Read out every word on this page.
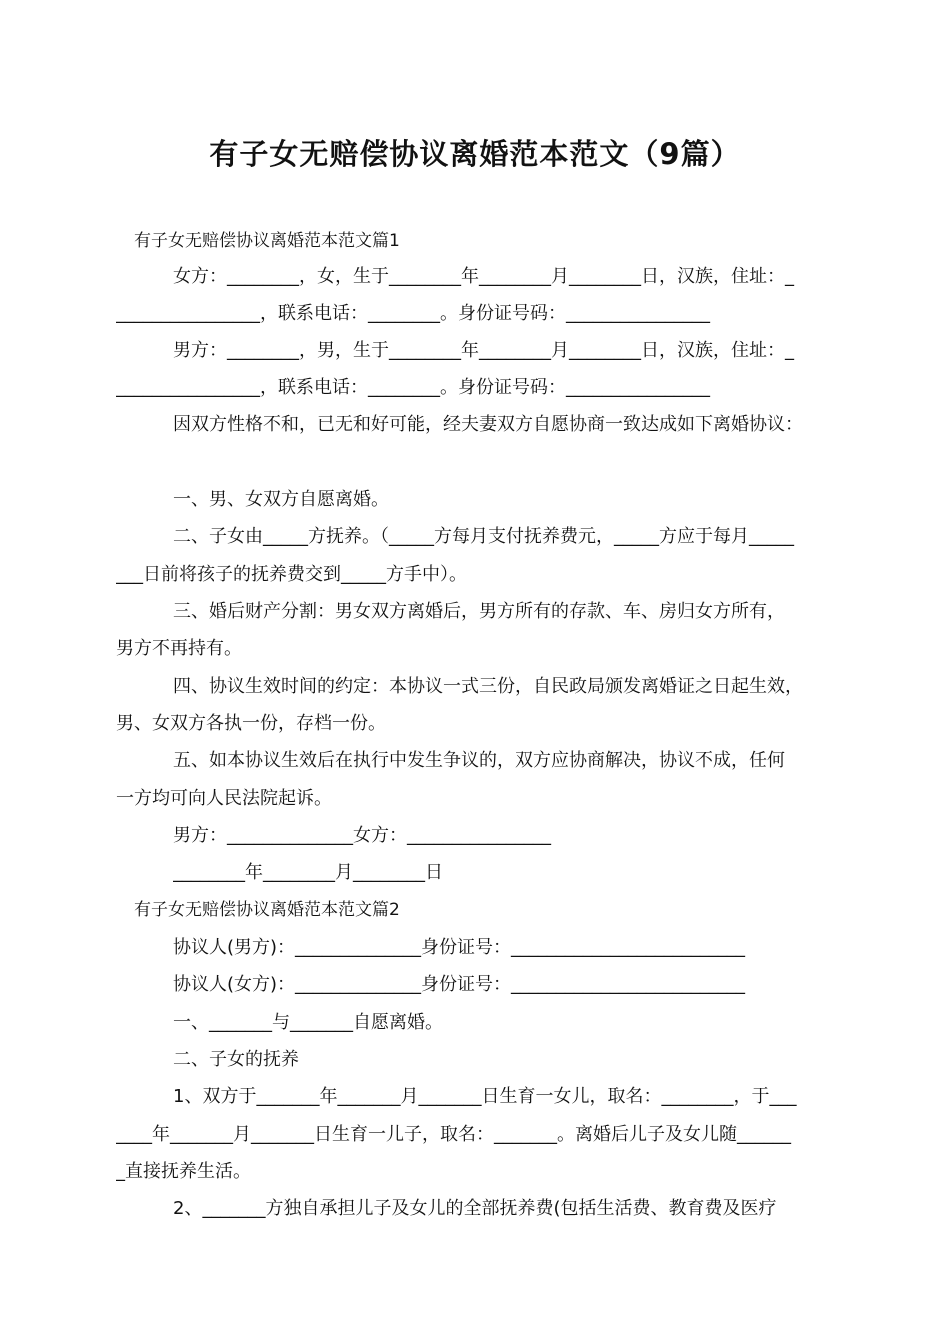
有子女无赔偿协议离婚范本范文（9篇）
有子女无赔偿协议离婚范本范文篇1
女方：________，女，生于________年________月________日，汉族，住址：_
________________，联系电话：________。身份证号码：________________
男方：________，男，生于________年________月________日，汉族，住址：_
________________，联系电话：________。身份证号码：________________
因双方性格不和，已无和好可能，经夫妻双方自愿协商一致达成如下离婚协议：
一、男、女双方自愿离婚。
二、子女由_____方抚养。（_____方每月支付抚养费元，_____方应于每月_____
___日前将孩子的抚养费交到_____方手中）。
三、婚后财产分割：男女双方离婚后，男方所有的存款、车、房归女方所有，
男方不再持有。
四、协议生效时间的约定：本协议一式三份，自民政局颁发离婚证之日起生效，
男、女双方各执一份，存档一份。
五、如本协议生效后在执行中发生争议的，双方应协商解决，协议不成，任何
一方均可向人民法院起诉。
男方：______________女方：________________
________年________月________日
有子女无赔偿协议离婚范本范文篇2
协议人(男方)：______________身份证号：__________________________
协议人(女方)：______________身份证号：__________________________
一、_______与_______自愿离婚。
二、子女的抚养
1、双方于_______年_______月_______日生育一女儿，取名：________，于___
____年_______月_______日生育一儿子，取名：_______。离婚后儿子及女儿随______
_直接抚养生活。
2、_______方独自承担儿子及女儿的全部抚养费(包括生活费、教育费及医疗
